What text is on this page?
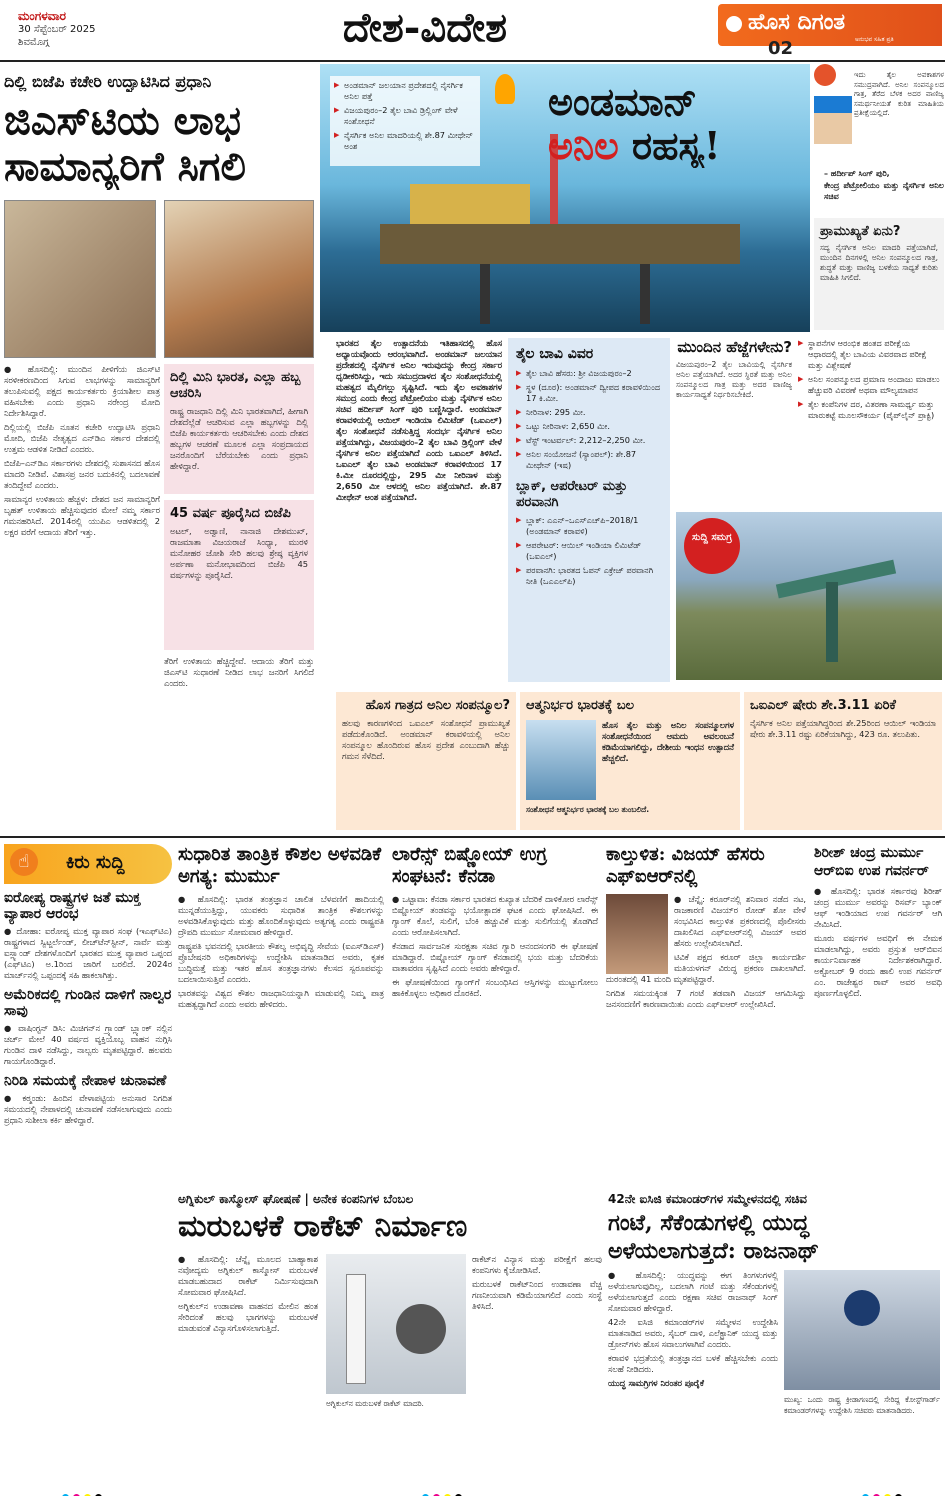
ಮಂಗಳವಾರ
30 ಸೆಪ್ಟೆಂಬರ್ 2025
ಶಿವಮೊಗ್ಗ	ದೇಶ-ವಿದೇಶ	ಹೊಸ ದಿಗಂತ
ಅನುಭವ ಸಹಿತ ಪ್ರತಿ
02
ದಿಲ್ಲಿ ಬಿಜೆಪಿ ಕಚೇರಿ ಉದ್ಘಾಟಿಸಿದ ಪ್ರಧಾನಿ
ಜಿಎಸ್‌ಟಿಯ ಲಾಭ ಸಾಮಾನ್ಯರಿಗೆ ಸಿಗಲಿ

● ಹೊಸದಿಲ್ಲಿ: ಮುಂದಿನ ಪೀಳಿಗೆಯ ಜಿಎಸ್‌ಟಿ ಸರಳೀಕರಣದಿಂದ ಸಿಗುವ ಲಾಭಗಳನ್ನು ಸಾಮಾನ್ಯರಿಗೆ ತಲುಪಿಸುವಲ್ಲಿ ಪಕ್ಷದ ಕಾರ್ಯಕರ್ತರು ಕ್ರಿಯಾಶೀಲ ಪಾತ್ರ ವಹಿಸಬೇಕು ಎಂದು ಪ್ರಧಾನಿ ನರೇಂದ್ರ ಮೋದಿ ನಿರ್ದೇಶಿಸಿದ್ದಾರೆ.

ದಿಲ್ಲಿಯಲ್ಲಿ ಬಿಜೆಪಿ ನೂತನ ಕಚೇರಿ ಉದ್ಘಾಟಿಸಿ ಪ್ರಧಾನಿ ಮೋದಿ, ಬಿಜೆಪಿ ನೇತೃತ್ವದ ಎನ್‌ಡಿಎ ಸರ್ಕಾರ ದೇಶದಲ್ಲಿ ಉತ್ತಮ ಆಡಳಿತ ನೀಡಿದೆ ಎಂದರು.

ಬಿಜೆಪಿ–ಎನ್‌ಡಿಎ ಸರ್ಕಾರಗಳು ದೇಶದಲ್ಲಿ ಸುಶಾಸನದ ಹೊಸ ಮಾದರಿ ನೀಡಿವೆ. ವಿಶಾಸಪ್ರ ಜನರ ಬದುಕಿನಲ್ಲಿ ಬದಲಾವಣೆ ತಂದಿದ್ದೇವೆ ಎಂದರು.

ಸಾಮಾನ್ಯರ ಉಳಿತಾಯ ಹೆಚ್ಚಳ: ದೇಶದ ಜನ ಸಾಮಾನ್ಯರಿಗೆ ಬೃಹತ್ ಉಳಿತಾಯ ಹೆಚ್ಚಿಸುವುದರ ಮೇಲೆ ನಮ್ಮ ಸರ್ಕಾರ ಗಮನಹರಿಸಿದೆ. 2014ರಲ್ಲಿ ಯುಪಿಎ ಆಡಳಿತದಲ್ಲಿ 2 ಲಕ್ಷರ ವರೆಗೆ ಆದಾಯ ತೆರಿಗೆ ಇತ್ತು.

ದಿಲ್ಲಿ ಮಿನಿ ಭಾರತ, ಎಲ್ಲಾ ಹಬ್ಬ ಆಚರಿಸಿ
ರಾಷ್ಟ್ರ ರಾಜಧಾನಿ ದಿಲ್ಲಿ ಮಿನಿ ಭಾರತವಾಗಿದೆ, ಹೀಗಾಗಿ ದೇಶದೆಲ್ಲೆಡೆ ಆಚರಿಸುವ ಎಲ್ಲಾ ಹಬ್ಬಗಳನ್ನು ದಿಲ್ಲಿ ಬಿಜೆಪಿ ಕಾರ್ಯಕರ್ತರು ಆಚರಿಸಬೇಕು ಎಂದು ದೇಶದ ಹಬ್ಬಗಳ ಆಚರಣೆ ಮೂಲಕ ಎಲ್ಲಾ ಸಂಪ್ರದಾಯದ ಜನರೊಂದಿಗೆ ಬೆರೆಯಬೇಕು ಎಂದು ಪ್ರಧಾನಿ ಹೇಳಿದ್ದಾರೆ.
45 ವರ್ಷ ಪೂರೈಸಿದ ಬಿಜೆಪಿ
ಅಟಲ್, ಅಡ್ವಾಣಿ, ನಾನಾಜಿ ದೇಶಮುಖ್, ರಾಜಮಾತಾ ವಿಜಯರಾಜೆ ಸಿಂಧ್ಯಾ, ಮುರಳಿ ಮನೋಹರ ಜೋಶಿ ಸೇರಿ ಹಲವು ಶ್ರೇಷ್ಠ ವ್ಯಕ್ತಿಗಳ ಅರ್ಪಣಾ ಮನೋಭಾವದಿಂದ ಬಿಜೆಪಿ 45 ವರ್ಷಗಳನ್ನು ಪೂರೈಸಿದೆ.

ತೆರಿಗೆ ಉಳಿತಾಯ ಹೆಚ್ಚಿದ್ದೇವೆ. ಆದಾಯ ತೆರಿಗೆ ಮತ್ತು ಜಿಎಸ್‌ಟಿ ಸುಧಾರಣೆ ನೀಡಿದ ಲಾಭ ಜನರಿಗೆ ಸಿಗಲಿದೆ ಎಂದರು.

▶ ಅಂಡಮಾನ್ ಜಲಯಾನ ಪ್ರದೇಶದಲ್ಲಿ ನೈಸರ್ಗಿಕ ಅನಿಲ ಪತ್ತೆ
▶ ವಿಜಯಪುರಂ–2 ತೈಲ ಬಾವಿ ಡ್ರಿಲ್ಲಿಂಗ್ ವೇಳೆ ಸಂಶೋಧನೆ
▶ ನೈಸರ್ಗಿಕ ಅನಿಲ ಮಾದರಿಯಲ್ಲಿ ಶೇ.87 ಮೀಥೇನ್ ಅಂಶ
ಅಂಡಮಾನ್
ಅನಿಲ ರಹಸ್ಯ!
ಇದು ತೈಲ ಅವಕಾಶಗಳ ಸಮುದ್ರವಾಗಿದೆ. ಅನಿಲ ಸಂಪನ್ಮೂಲದ ಗಾತ್ರ, ತೆರೆದ ಬೆಳಕ ಅದರ ವಾಣಿಜ್ಯ ಸಮರ್ಥನೀಯತೆ ಕುರಿತ ಮಾಹಿತಿಯ ಪ್ರತೀಕ್ಷೆಯಲ್ಲಿದೆ.
– ಹರ್ದೀಪ್ ಸಿಂಗ್ ಪುರಿ,
ಕೇಂದ್ರ ಪೆಟ್ರೋಲಿಯಂ ಮತ್ತು ನೈಸರ್ಗಿಕ ಅನಿಲ ಸಚಿವ
ಪ್ರಾಮುಖ್ಯತೆ ಏನು?
ಸದ್ಯ ನೈಸರ್ಗಿಕ ಅನಿಲ ಮಾದರಿ ಪತ್ತೆಯಾಗಿದೆ, ಮುಂದಿನ ದಿನಗಳಲ್ಲಿ ಅನಿಲ ಸಂಪನ್ಮೂಲದ ಗಾತ್ರ, ಶುದ್ಧತೆ ಮತ್ತು ವಾಣಿಜ್ಯ ಬಳಕೆಯ ಸಾಧ್ಯತೆ ಕುರಿತು ಮಾಹಿತಿ ಸಿಗಲಿದೆ.
ಭಾರತದ ತೈಲ ಉತ್ಪಾದನೆಯ ಇತಿಹಾಸದಲ್ಲಿ ಹೊಸ ಅಧ್ಯಾಯವೊಂದು ಆರಂಭವಾಗಿದೆ. ಅಂಡಮಾನ್ ಜಲಯಾನ ಪ್ರದೇಶದಲ್ಲಿ ನೈಸರ್ಗಿಕ ಅನಿಲ ಇರುವುದನ್ನು ಕೇಂದ್ರ ಸರ್ಕಾರ ಧೃಡೀಕರಿಸಿದ್ದು, ಇದು ಸಮುದ್ರದಾಳದ ತೈಲ ಸಂಶೋಧನೆಯಲ್ಲಿ ಮಹತ್ವದ ಮೈಲಿಗಲ್ಲು ಸೃಷ್ಟಿಸಿದೆ. ಇದು ತೈಲ ಅವಕಾಶಗಳ ಸಮುದ್ರ ಎಂದು ಕೇಂದ್ರ ಪೆಟ್ರೋಲಿಯಂ ಮತ್ತು ನೈಸರ್ಗಿಕ ಅನಿಲ ಸಚಿವ ಹರ್ದೀಪ್ ಸಿಂಗ್ ಪುರಿ ಬಣ್ಣಿಸಿದ್ದಾರೆ. ಅಂಡಮಾನ್ ಕರಾವಳಿಯಲ್ಲಿ ಆಯಿಲ್ ಇಂಡಿಯಾ ಲಿಮಿಟೆಡ್ (ಒಐಎಲ್) ತೈಲ ಸಂಶೋಧನೆ ನಡೆಸುತ್ತಿದ್ದ ಸಂದರ್ಭ ನೈಸರ್ಗಿಕ ಅನಿಲ ಪತ್ತೆಯಾಗಿದ್ದು, ವಿಜಯಪುರಂ–2 ತೈಲ ಬಾವಿ ಡ್ರಿಲ್ಲಿಂಗ್ ವೇಳೆ ನೈಸರ್ಗಿಕ ಅನಿಲ ಪತ್ತೆಯಾಗಿದೆ ಎಂದು ಒಐಎಲ್ ತಿಳಿಸಿದೆ. ಒಐಎಲ್ ತೈಲ ಬಾವಿ ಅಂಡಮಾನ್ ಕರಾವಳಿಯಿಂದ 17 ಕಿ.ಮೀ ದೂರದಲ್ಲಿದ್ದು, 295 ಮೀ ನೀರಿನಾಳ ಮತ್ತು 2,650 ಮೀ ಆಳದಲ್ಲಿ ಅನಿಲ ಪತ್ತೆಯಾಗಿದೆ. ಶೇ.87 ಮೀಥೇನ್ ಅಂಶ ಪತ್ತೆಯಾಗಿದೆ.
ತೈಲ ಬಾವಿ ವಿವರ
▶ ತೈಲ ಬಾವಿ ಹೆಸರು: ಶ್ರೀ ವಿಜಯಪುರಂ–2
▶ ಸ್ಥಳ (ದೂರ): ಅಂಡಮಾನ್ ದ್ವೀಪದ ಕರಾವಳಿಯಿಂದ 17 ಕಿ.ಮೀ.
▶ ನೀರಿನಾಳ: 295 ಮೀ.
▶ ಒಟ್ಟು ನೀರಿನಾಳ: 2,650 ಮೀ.
▶ ಟೆಸ್ಟ್ ಇಂಟರ್ವಲ್: 2,212–2,250 ಮೀ.
▶ ಅನಿಲ ಸಂಯೋಜನೆ (ಸ್ಯಾಂಪಲ್): ಶೇ.87 ಮೀಥೇನ್ (ಇಷ)
ಬ್ಲಾಕ್, ಆಪರೇಟರ್ ಮತ್ತು ಪರವಾನಗಿ
▶ ಬ್ಲಾಕ್: ಎಎನ್–ಒಎಸ್‌ಎಚ್‌ಪಿ–2018/1 (ಅಂಡಮಾನ್ ಕರಾವಳಿ)
▶ ಆಪರೇಟರ್: ಆಯಿಲ್ ಇಂಡಿಯಾ ಲಿಮಿಟೆಡ್ (ಒಐಎಲ್)
▶ ಪರವಾನಗಿ: ಭಾರತದ ಓಪನ್ ಎಕ್ರೇಜ್ ಪರವಾನಗಿ ನೀತಿ (ಒಎಎಲ್‌ಪಿ)
ಮುಂದಿನ ಹೆಜ್ಜೆಗಳೇನು?
ವಿಜಯಪುರಂ–2 ತೈಲ ಬಾವಿಯಲ್ಲಿ ನೈಸರ್ಗಿಕ ಅನಿಲ ಪತ್ತೆಯಾಗಿದೆ. ಅದರ ಸ್ಥಿರತೆ ಮತ್ತು ಅನಿಲ ಸಂಪನ್ಮೂಲದ ಗಾತ್ರ ಮತ್ತು ಅದರ ವಾಣಿಜ್ಯ ಕಾರ್ಯಸಾಧ್ಯತೆ ನಿರ್ಧರಿಸಬೇಕಿದೆ.
▶ ಸ್ಥಾಪನೆಗಳ ಆರಂಭಿಕ ಹಂತದ ಪರೀಕ್ಷೆಯ ಆಧಾರದಲ್ಲಿ ತೈಲ ಬಾವಿಯ ವಿವರವಾದ ಪರೀಕ್ಷೆ ಮತ್ತು ವಿಶ್ಲೇಷಣೆ
▶ ಅನಿಲ ಸಂಪನ್ಮೂಲದ ಪ್ರಮಾಣ ಅಂದಾಜು ಮಾಡಲು ಹೆಚ್ಚುವರಿ ವಿವರಣೆ ಅಥವಾ ಮೌಲ್ಯಮಾಪನ
▶ ತೈಲ ಕಂಪೆನಿಗಳ ದರ, ವಿತರಣಾ ಸಾಮರ್ಥ್ಯ ಮತ್ತು ಮಾರುಕಟ್ಟೆ ಮೂಲಸೌಕರ್ಯ (ಪೈಪ್‌ಲೈನ್ ಪ್ರಾಕ್ಟಿ)
ಸುದ್ದಿ ಸಮಗ್ರ
ಹೊಸ ಗಾತ್ರದ ಅನಿಲ ಸಂಪನ್ಮೂಲ?
ಹಲವು ಕಾರಣಗಳಿಂದ ಒಐಎಲ್ ಸಂಶೋಧನೆ ಪ್ರಾಮುಖ್ಯತೆ ಪಡೆದುಕೊಂಡಿದೆ. ಅಂಡಮಾನ್ ಕರಾವಳಿಯಲ್ಲಿ ಅನಿಲ ಸಂಪನ್ಮೂಲ ಹೊಂದಿರುವ ಹೊಸ ಪ್ರದೇಶ ಎಂಬುದಾಗಿ ಹೆಚ್ಚು ಗಮನ ಸೆಳೆದಿದೆ.
ಆತ್ಮನಿರ್ಭರ ಭಾರತಕ್ಕೆ ಬಲ
ಹೊಸ ತೈಲ ಮತ್ತು ಅನಿಲ ಸಂಪನ್ಮೂಲಗಳ ಸಂಶೋಧನೆಯಿಂದ ಆಮದು ಅವಲಂಬನೆ ಕಡಿಮೆಯಾಗಲಿದ್ದು, ದೇಶೀಯ ಇಂಧನ ಉತ್ಪಾದನೆ ಹೆಚ್ಚಲಿದೆ.
ಸಂಶೋಧನೆ ಆತ್ಮನಿರ್ಭರ ಭಾರತಕ್ಕೆ ಬಲ ತುಂಬಲಿದೆ.
ಒಐಎಲ್ ಷೇರು ಶೇ.3.11 ಏರಿಕೆ
ನೈಸರ್ಗಿಕ ಅನಿಲ ಪತ್ತೆಯಾಗಿದ್ದರಿಂದ ಶೇ.25ರಿಂದ ಆಯಿಲ್ ಇಂಡಿಯಾ ಷೇರು ಶೇ.3.11 ರಷ್ಟು ಏರಿಕೆಯಾಗಿದ್ದು, 423 ರೂ. ತಲುಪಿತು.
☝	ಕಿರು ಸುದ್ದಿ
ಐರೋಪ್ಯ ರಾಷ್ಟ್ರಗಳ ಜತೆ ಮುಕ್ತ ವ್ಯಾಪಾರ ಆರಂಭ
● ದೋಹಾ: ಐರೋಪ್ಯ ಮುಕ್ತ ವ್ಯಾಪಾರ ಸಂಘ (ಇಎಫ್‌ಟಿಎ) ರಾಷ್ಟ್ರಗಳಾದ ಸ್ವಿಟ್ಜರ್ಲೆಂಡ್, ಲೀಚ್‌ಟೆನ್‌ಸ್ಟೀನ್, ನಾರ್ವೆ ಮತ್ತು ಐಸ್ಲ್ಯಾಂಡ್ ದೇಶಗಳೊಂದಿಗೆ ಭಾರತದ ಮುಕ್ತ ವ್ಯಾಪಾರ ಒಪ್ಪಂದ (ಎಫ್‌ಟಿಎ) ಅ.1ರಿಂದ ಜಾರಿಗೆ ಬರಲಿದೆ. 2024ರ ಮಾರ್ಚ್‌ನಲ್ಲಿ ಒಪ್ಪಂದಕ್ಕೆ ಸಹಿ ಹಾಕಲಾಗಿತ್ತು.
ಅಮೆರಿಕದಲ್ಲಿ ಗುಂಡಿನ ದಾಳಿಗೆ ನಾಲ್ವರ ಸಾವು
● ವಾಷಿಂಗ್ಟನ್ ಡಿಸಿ: ಮಿಚಿಗನ್‌ನ ಗ್ರ್ಯಾಂಡ್ ಬ್ಲ್ಯಾಂಕ್ ನಲ್ಲಿನ ಚರ್ಚ್ ಮೇಲೆ 40 ವರ್ಷದ ವ್ಯಕ್ತಿಯೊಬ್ಬ ವಾಹನ ನುಗ್ಗಿಸಿ ಗುಂಡಿನ ದಾಳಿ ನಡೆಸಿದ್ದು, ನಾಲ್ವರು ಮೃತಪಟ್ಟಿದ್ದಾರೆ. ಹಲವರು ಗಾಯಗೊಂಡಿದ್ದಾರೆ.
ನಿರಿಡಿ ಸಮಯಕ್ಕೆ ನೇಪಾಳ ಚುನಾವಣೆ
● ಕಠ್ಮಂಡು: ಹಿಂದಿನ ವೇಳಾಪಟ್ಟಿಯ ಅನುಸಾರ ನಿಗದಿತ ಸಮಯದಲ್ಲಿ ನೇಪಾಳದಲ್ಲಿ ಚುನಾವಣೆ ನಡೆಸಲಾಗುವುದು ಎಂದು ಪ್ರಧಾನಿ ಸುಶೀಲಾ ಕರ್ಕಿ ಹೇಳಿದ್ದಾರೆ.
ಸುಧಾರಿತ ತಾಂತ್ರಿಕ ಕೌಶಲ ಅಳವಡಿಕೆ ಅಗತ್ಯ: ಮುರ್ಮು

● ಹೊಸದಿಲ್ಲಿ: ಭಾರತ ತಂತ್ರಜ್ಞಾನ ಚಾಲಿತ ಬೆಳವಣಿಗೆ ಹಾದಿಯಲ್ಲಿ ಮುನ್ನಡೆಯುತ್ತಿದ್ದು, ಯುವಕರು ಸುಧಾರಿತ ತಾಂತ್ರಿಕ ಕೌಶಲಗಳನ್ನು ಅಳವಡಿಸಿಕೊಳ್ಳುವುದು ಮತ್ತು ಹೊಂದಿಕೊಳ್ಳುವುದು ಅತ್ಯಗತ್ಯ ಎಂದು ರಾಷ್ಟ್ರಪತಿ ದ್ರೌಪದಿ ಮುರ್ಮು ಸೋಮವಾರ ಹೇಳಿದ್ದಾರೆ.

ರಾಷ್ಟ್ರಪತಿ ಭವನದಲ್ಲಿ ಭಾರತೀಯ ಕೌಶಲ್ಯ ಅಭಿವೃದ್ಧಿ ಸೇವೆಯ (ಐಎಸ್‌ಡಿಎಸ್) ಪ್ರೊಬೇಷನರಿ ಅಧಿಕಾರಿಗಳನ್ನು ಉದ್ದೇಶಿಸಿ ಮಾತನಾಡಿದ ಅವರು, ಕೃತಕ ಬುದ್ಧಿಮತ್ತೆ ಮತ್ತು ಇತರ ಹೊಸ ತಂತ್ರಜ್ಞಾನಗಳು ಕೆಲಸದ ಸ್ವರೂಪವನ್ನು ಬದಲಾಯಿಸುತ್ತಿವೆ ಎಂದರು.

ಭಾರತವನ್ನು ವಿಶ್ವದ ಕೌಶಲ ರಾಜಧಾನಿಯನ್ನಾಗಿ ಮಾಡುವಲ್ಲಿ ನಿಮ್ಮ ಪಾತ್ರ ಮಹತ್ವದ್ದಾಗಿದೆ ಎಂದು ಅವರು ಹೇಳಿದರು.

ಲಾರೆನ್ಸ್ ಬಿಷ್ಣೋಯ್ ಉಗ್ರ ಸಂಘಟನೆ: ಕೆನಡಾ

● ಒಟ್ಟಾವಾ: ಕೆನಡಾ ಸರ್ಕಾರ ಭಾರತದ ಕುಖ್ಯಾತ ಬೆದರಿಕೆ ದಾಳಿಕೋರ ಲಾರೆನ್ಸ್ ಬಿಷ್ಣೋಯ್ ತಂಡವನ್ನು ಭಯೋತ್ಪಾದಕ ಘಟಕ ಎಂದು ಘೋಷಿಸಿದೆ. ಈ ಗ್ಯಾಂಗ್ ಕೊಲೆ, ಸುಲಿಗೆ, ಬೆಂಕಿ ಹಚ್ಚುವಿಕೆ ಮತ್ತು ಸುಲಿಗೆಯಲ್ಲಿ ತೊಡಗಿದೆ ಎಂದು ಆರೋಪಿಸಲಾಗಿದೆ.

ಕೆನಡಾದ ಸಾರ್ವಜನಿಕ ಸುರಕ್ಷತಾ ಸಚಿವ ಗ್ಯಾರಿ ಆನಂದಸಂಗರಿ ಈ ಘೋಷಣೆ ಮಾಡಿದ್ದಾರೆ. ಬಿಷ್ಣೋಯ್ ಗ್ಯಾಂಗ್ ಕೆನಡಾದಲ್ಲಿ ಭಯ ಮತ್ತು ಬೆದರಿಕೆಯ ವಾತಾವರಣ ಸೃಷ್ಟಿಸಿದೆ ಎಂದು ಅವರು ಹೇಳಿದ್ದಾರೆ.

ಈ ಘೋಷಣೆಯಿಂದ ಗ್ಯಾಂಗ್‌ಗೆ ಸಂಬಂಧಿಸಿದ ಆಸ್ತಿಗಳನ್ನು ಮುಟ್ಟುಗೋಲು ಹಾಕಿಕೊಳ್ಳಲು ಅಧಿಕಾರ ದೊರಕಿದೆ.

ಕಾಲ್ತುಳಿತ: ವಿಜಯ್ ಹೆಸರು ಎಫ್‌ಐಆರ್‌ನಲ್ಲಿ

● ಚೆನ್ನೈ: ಕರೂರ್‌ನಲ್ಲಿ ಶನಿವಾರ ನಡೆದ ನಟ, ರಾಜಕಾರಣಿ ವಿಜಯ್‌ರ ರೋಡ್ ಶೋ ವೇಳೆ ಸಂಭವಿಸಿದ ಕಾಲ್ತುಳಿತ ಪ್ರಕರಣದಲ್ಲಿ ಪೊಲೀಸರು ದಾಖಲಿಸಿದ ಎಫ್‌ಐಆರ್‌ನಲ್ಲಿ ವಿಜಯ್ ಅವರ ಹೆಸರು ಉಲ್ಲೇಖಿಸಲಾಗಿದೆ.

ಟಿವಿಕೆ ಪಕ್ಷದ ಕರೂರ್ ಜಿಲ್ಲಾ ಕಾರ್ಯದರ್ಶಿ ಮತಿಯಳಗನ್ ವಿರುದ್ಧ ಪ್ರಕರಣ ದಾಖಲಾಗಿದೆ. ದುರಂತದಲ್ಲಿ 41 ಮಂದಿ ಮೃತಪಟ್ಟಿದ್ದಾರೆ.

ನಿಗದಿತ ಸಮಯಕ್ಕಿಂತ 7 ಗಂಟೆ ತಡವಾಗಿ ವಿಜಯ್ ಆಗಮಿಸಿದ್ದು ಜನಸಂದಣಿಗೆ ಕಾರಣವಾಯಿತು ಎಂದು ಎಫ್‌ಐಆರ್ ಉಲ್ಲೇಖಿಸಿದೆ.

ಶಿರೀಶ್ ಚಂದ್ರ ಮುರ್ಮು ಆರ್‌ಬಿಐ ಉಪ ಗವರ್ನರ್

● ಹೊಸದಿಲ್ಲಿ: ಭಾರತ ಸರ್ಕಾರವು ಶಿರೀಶ್ ಚಂದ್ರ ಮುರ್ಮು ಅವರನ್ನು ರಿಸರ್ವ್ ಬ್ಯಾಂಕ್ ಆಫ್ ಇಂಡಿಯಾದ ಉಪ ಗವರ್ನರ್ ಆಗಿ ನೇಮಿಸಿದೆ.

ಮೂರು ವರ್ಷಗಳ ಅವಧಿಗೆ ಈ ನೇಮಕ ಮಾಡಲಾಗಿದ್ದು, ಅವರು ಪ್ರಸ್ತುತ ಆರ್‌ಬಿಐನ ಕಾರ್ಯನಿರ್ವಾಹಕ ನಿರ್ದೇಶಕರಾಗಿದ್ದಾರೆ. ಅಕ್ಟೋಬರ್ 9 ರಂದು ಹಾಲಿ ಉಪ ಗವರ್ನರ್ ಎಂ. ರಾಜೇಶ್ವರ ರಾವ್ ಅವರ ಅವಧಿ ಪೂರ್ಣಗೊಳ್ಳಲಿದೆ.

ಅಗ್ನಿಕುಲ್ ಕಾಸ್ಮೋಸ್ ಘೋಷಣೆ | ಅನೇಕ ಕಂಪನಿಗಳ ಬೆಂಬಲ
ಮರುಬಳಕೆ ರಾಕೆಟ್ ನಿರ್ಮಾಣ

● ಹೊಸದಿಲ್ಲಿ: ಚೆನ್ನೈ ಮೂಲದ ಬಾಹ್ಯಾಕಾಶ ನವೋದ್ಯಮ ಅಗ್ನಿಕುಲ್ ಕಾಸ್ಮೋಸ್ ಮರುಬಳಕೆ ಮಾಡಬಹುದಾದ ರಾಕೆಟ್ ನಿರ್ಮಿಸುವುದಾಗಿ ಸೋಮವಾರ ಘೋಷಿಸಿದೆ.

ಅಗ್ನಿಕುಲ್‌ನ ಉಡಾವಣಾ ವಾಹನದ ಮೇಲಿನ ಹಂತ ಸೇರಿದಂತೆ ಹಲವು ಭಾಗಗಳನ್ನು ಮರುಬಳಕೆ ಮಾಡುವಂತೆ ವಿನ್ಯಾಸಗೊಳಿಸಲಾಗುತ್ತಿದೆ.

ಅಗ್ನಿಕುಲ್‌ನ ಮರುಬಳಕೆ ರಾಕೆಟ್ ಮಾದರಿ.

ರಾಕೆಟ್‌ನ ವಿನ್ಯಾಸ ಮತ್ತು ಪರೀಕ್ಷೆಗೆ ಹಲವು ಕಂಪನಿಗಳು ಕೈಜೋಡಿಸಿವೆ.

ಮರುಬಳಕೆ ರಾಕೆಟ್‌ನಿಂದ ಉಡಾವಣಾ ವೆಚ್ಚ ಗಣನೀಯವಾಗಿ ಕಡಿಮೆಯಾಗಲಿದೆ ಎಂದು ಸಂಸ್ಥೆ ತಿಳಿಸಿದೆ.

42ನೇ ಐಸಿಜಿ ಕಮಾಂಡರ್‌ಗಳ ಸಮ್ಮೇಳನದಲ್ಲಿ ಸಚಿವ
ಗಂಟೆ, ಸೆಕೆಂಡುಗಳಲ್ಲಿ ಯುದ್ಧ ಅಳೆಯಲಾಗುತ್ತದೆ: ರಾಜನಾಥ್

● ಹೊಸದಿಲ್ಲಿ: ಯುದ್ಧವನ್ನು ಈಗ ತಿಂಗಳುಗಳಲ್ಲಿ ಅಳೆಯಲಾಗುವುದಿಲ್ಲ, ಬದಲಾಗಿ ಗಂಟೆ ಮತ್ತು ಸೆಕೆಂಡುಗಳಲ್ಲಿ ಅಳೆಯಲಾಗುತ್ತದೆ ಎಂದು ರಕ್ಷಣಾ ಸಚಿವ ರಾಜನಾಥ್ ಸಿಂಗ್ ಸೋಮವಾರ ಹೇಳಿದ್ದಾರೆ.

42ನೇ ಐಸಿಜಿ ಕಮಾಂಡರ್‌ಗಳ ಸಮ್ಮೇಳನ ಉದ್ದೇಶಿಸಿ ಮಾತನಾಡಿದ ಅವರು, ಸೈಬರ್ ದಾಳಿ, ಎಲೆಕ್ಟ್ರಾನಿಕ್ ಯುದ್ಧ ಮತ್ತು ಡ್ರೋನ್‌ಗಳು ಹೊಸ ಸವಾಲುಗಳಾಗಿವೆ ಎಂದರು.

ಕರಾವಳಿ ಭದ್ರತೆಯಲ್ಲಿ ತಂತ್ರಜ್ಞಾನದ ಬಳಕೆ ಹೆಚ್ಚಿಸಬೇಕು ಎಂದು ಸಲಹೆ ನೀಡಿದರು.

ಯುದ್ಧ ಸಾಮಗ್ರಿಗಳ ನಿರಂತರ ಪೂರೈಕೆ

ಮುಖ್ಯ: ಒಂದು ರಾಷ್ಟ್ರ ಕ್ರೀಡಾಗಣದಲ್ಲಿ ಸೇರಿದ್ದ ಕೋಸ್ಟ್‌ಗಾರ್ಡ್ ಕಮಾಂಡರ್‌ಗಳನ್ನು ಉದ್ದೇಶಿಸಿ ಸಚಿವರು ಮಾತನಾಡಿದರು.
